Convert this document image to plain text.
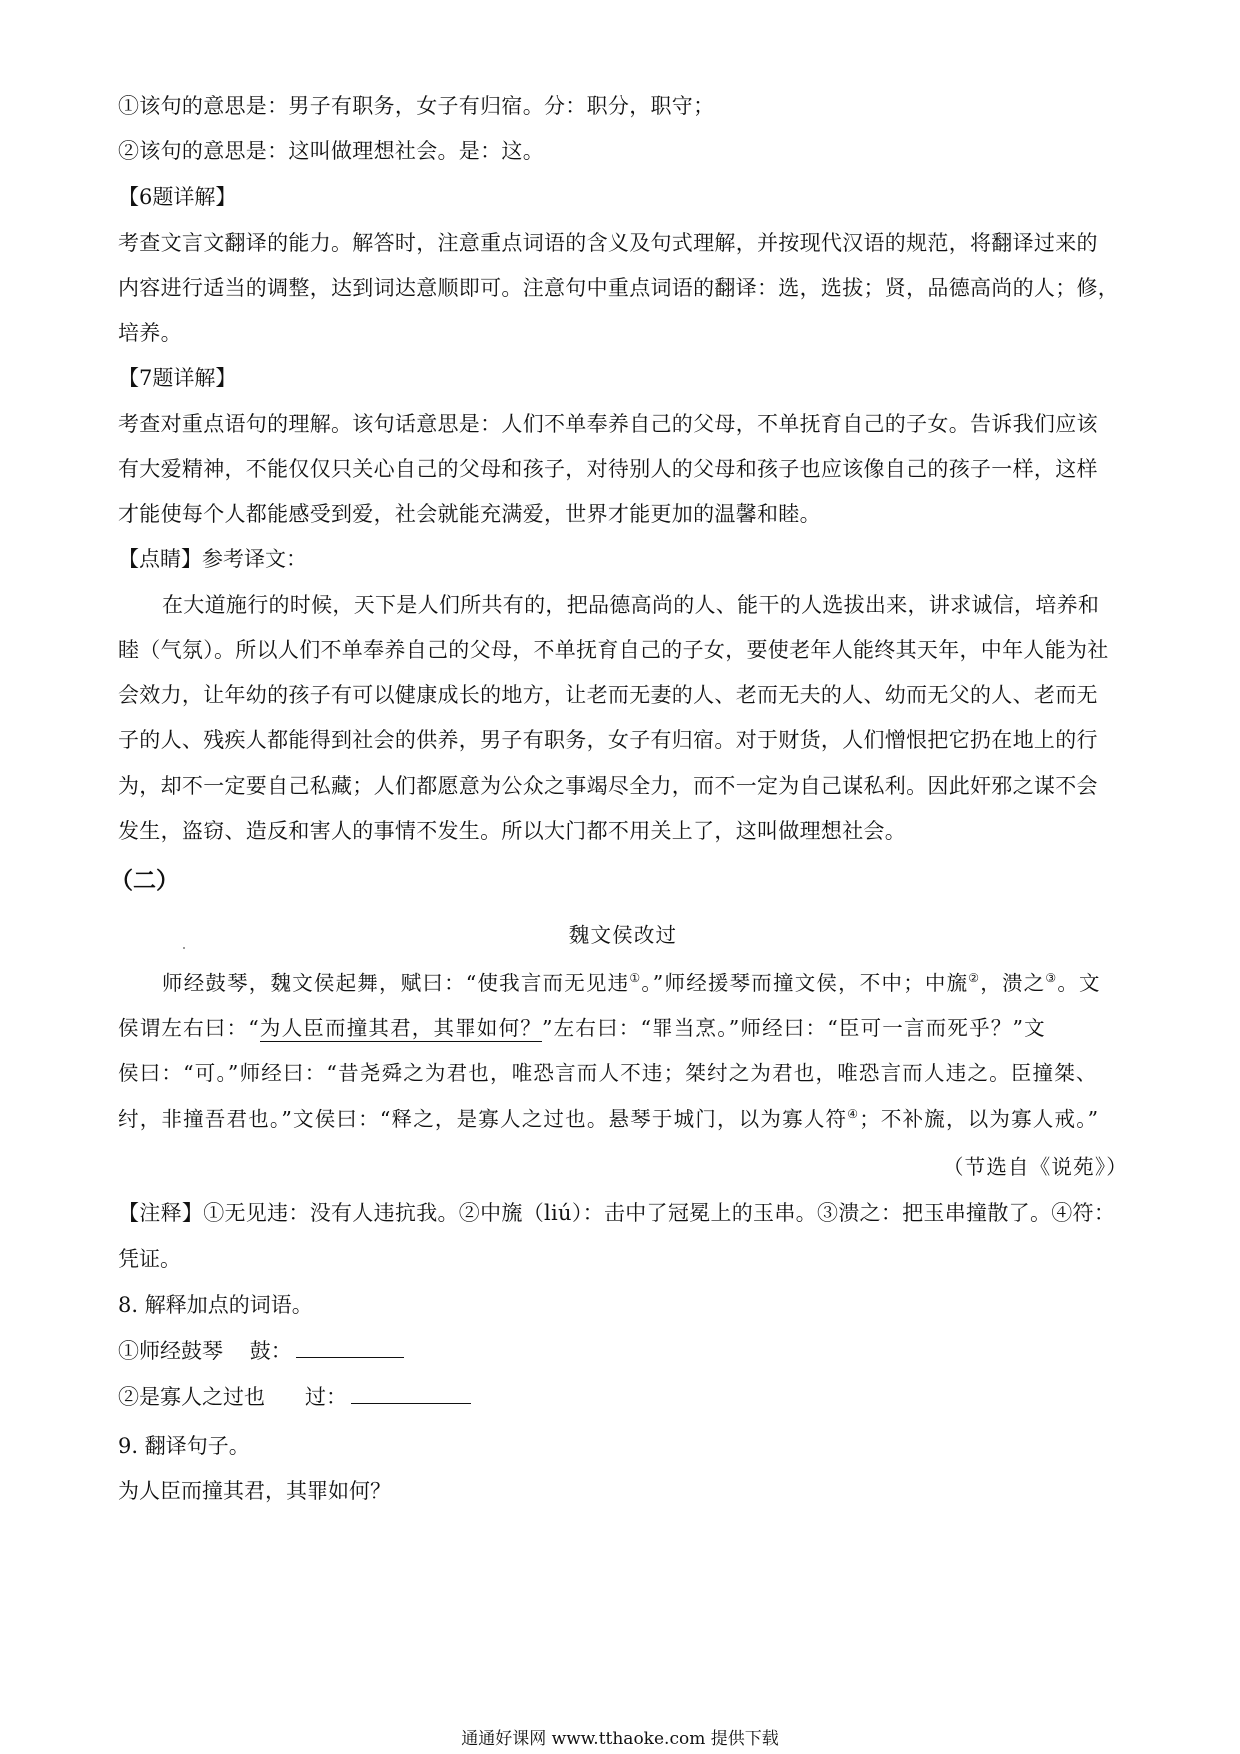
①该句的意思是：男子有职务，女子有归宿。分：职分，职守；
②该句的意思是：这叫做理想社会。是：这。
【6题详解】
考查文言文翻译的能力。解答时，注意重点词语的含义及句式理解，并按现代汉语的规范，将翻译过来的
内容进行适当的调整，达到词达意顺即可。注意句中重点词语的翻译：选，选拔；贤，品德高尚的人；修，
培养。
【7题详解】
考查对重点语句的理解。该句话意思是：人们不单奉养自己的父母，不单抚育自己的子女。告诉我们应该
有大爱精神，不能仅仅只关心自己的父母和孩子，对待别人的父母和孩子也应该像自己的孩子一样，这样
才能使每个人都能感受到爱，社会就能充满爱，世界才能更加的温馨和睦。
【点睛】参考译文：
在大道施行的时候，天下是人们所共有的，把品德高尚的人、能干的人选拔出来，讲求诚信，培养和
睦（气氛）。所以人们不单奉养自己的父母，不单抚育自己的子女，要使老年人能终其天年，中年人能为社
会效力，让年幼的孩子有可以健康成长的地方，让老而无妻的人、老而无夫的人、幼而无父的人、老而无
子的人、残疾人都能得到社会的供养，男子有职务，女子有归宿。对于财货，人们憎恨把它扔在地上的行
为，却不一定要自己私藏；人们都愿意为公众之事竭尽全力，而不一定为自己谋私利。因此奸邪之谋不会
发生，盗窃、造反和害人的事情不发生。所以大门都不用关上了，这叫做理想社会。
（二）
魏文侯改过
师经鼓琴，魏文侯起舞，赋曰：“使我言而无见违①。”师经援琴而撞文侯，不中；中旒②，溃之③。文
侯谓左右曰：“为人臣而撞其君，其罪如何？”左右曰：“罪当烹。”师经曰：“臣可一言而死乎？”文
侯曰：“可。”师经曰：“昔尧舜之为君也，唯恐言而人不违；桀纣之为君也，唯恐言而人违之。臣撞桀、
纣，非撞吾君也。”文侯曰：“释之，是寡人之过也。悬琴于城门，以为寡人符④；不补旒，以为寡人戒。”
（节选自《说苑》）
【注释】①无见违：没有人违抗我。②中旒（liú）：击中了冠冕上的玉串。③溃之：把玉串撞散了。④符：
凭证。
8. 解释加点的词语。
①师经鼓琴    鼓：
②是寡人之过也      过：
9. 翻译句子。
为人臣而撞其君，其罪如何？
通通好课网 www.tthaoke.com 提供下载
